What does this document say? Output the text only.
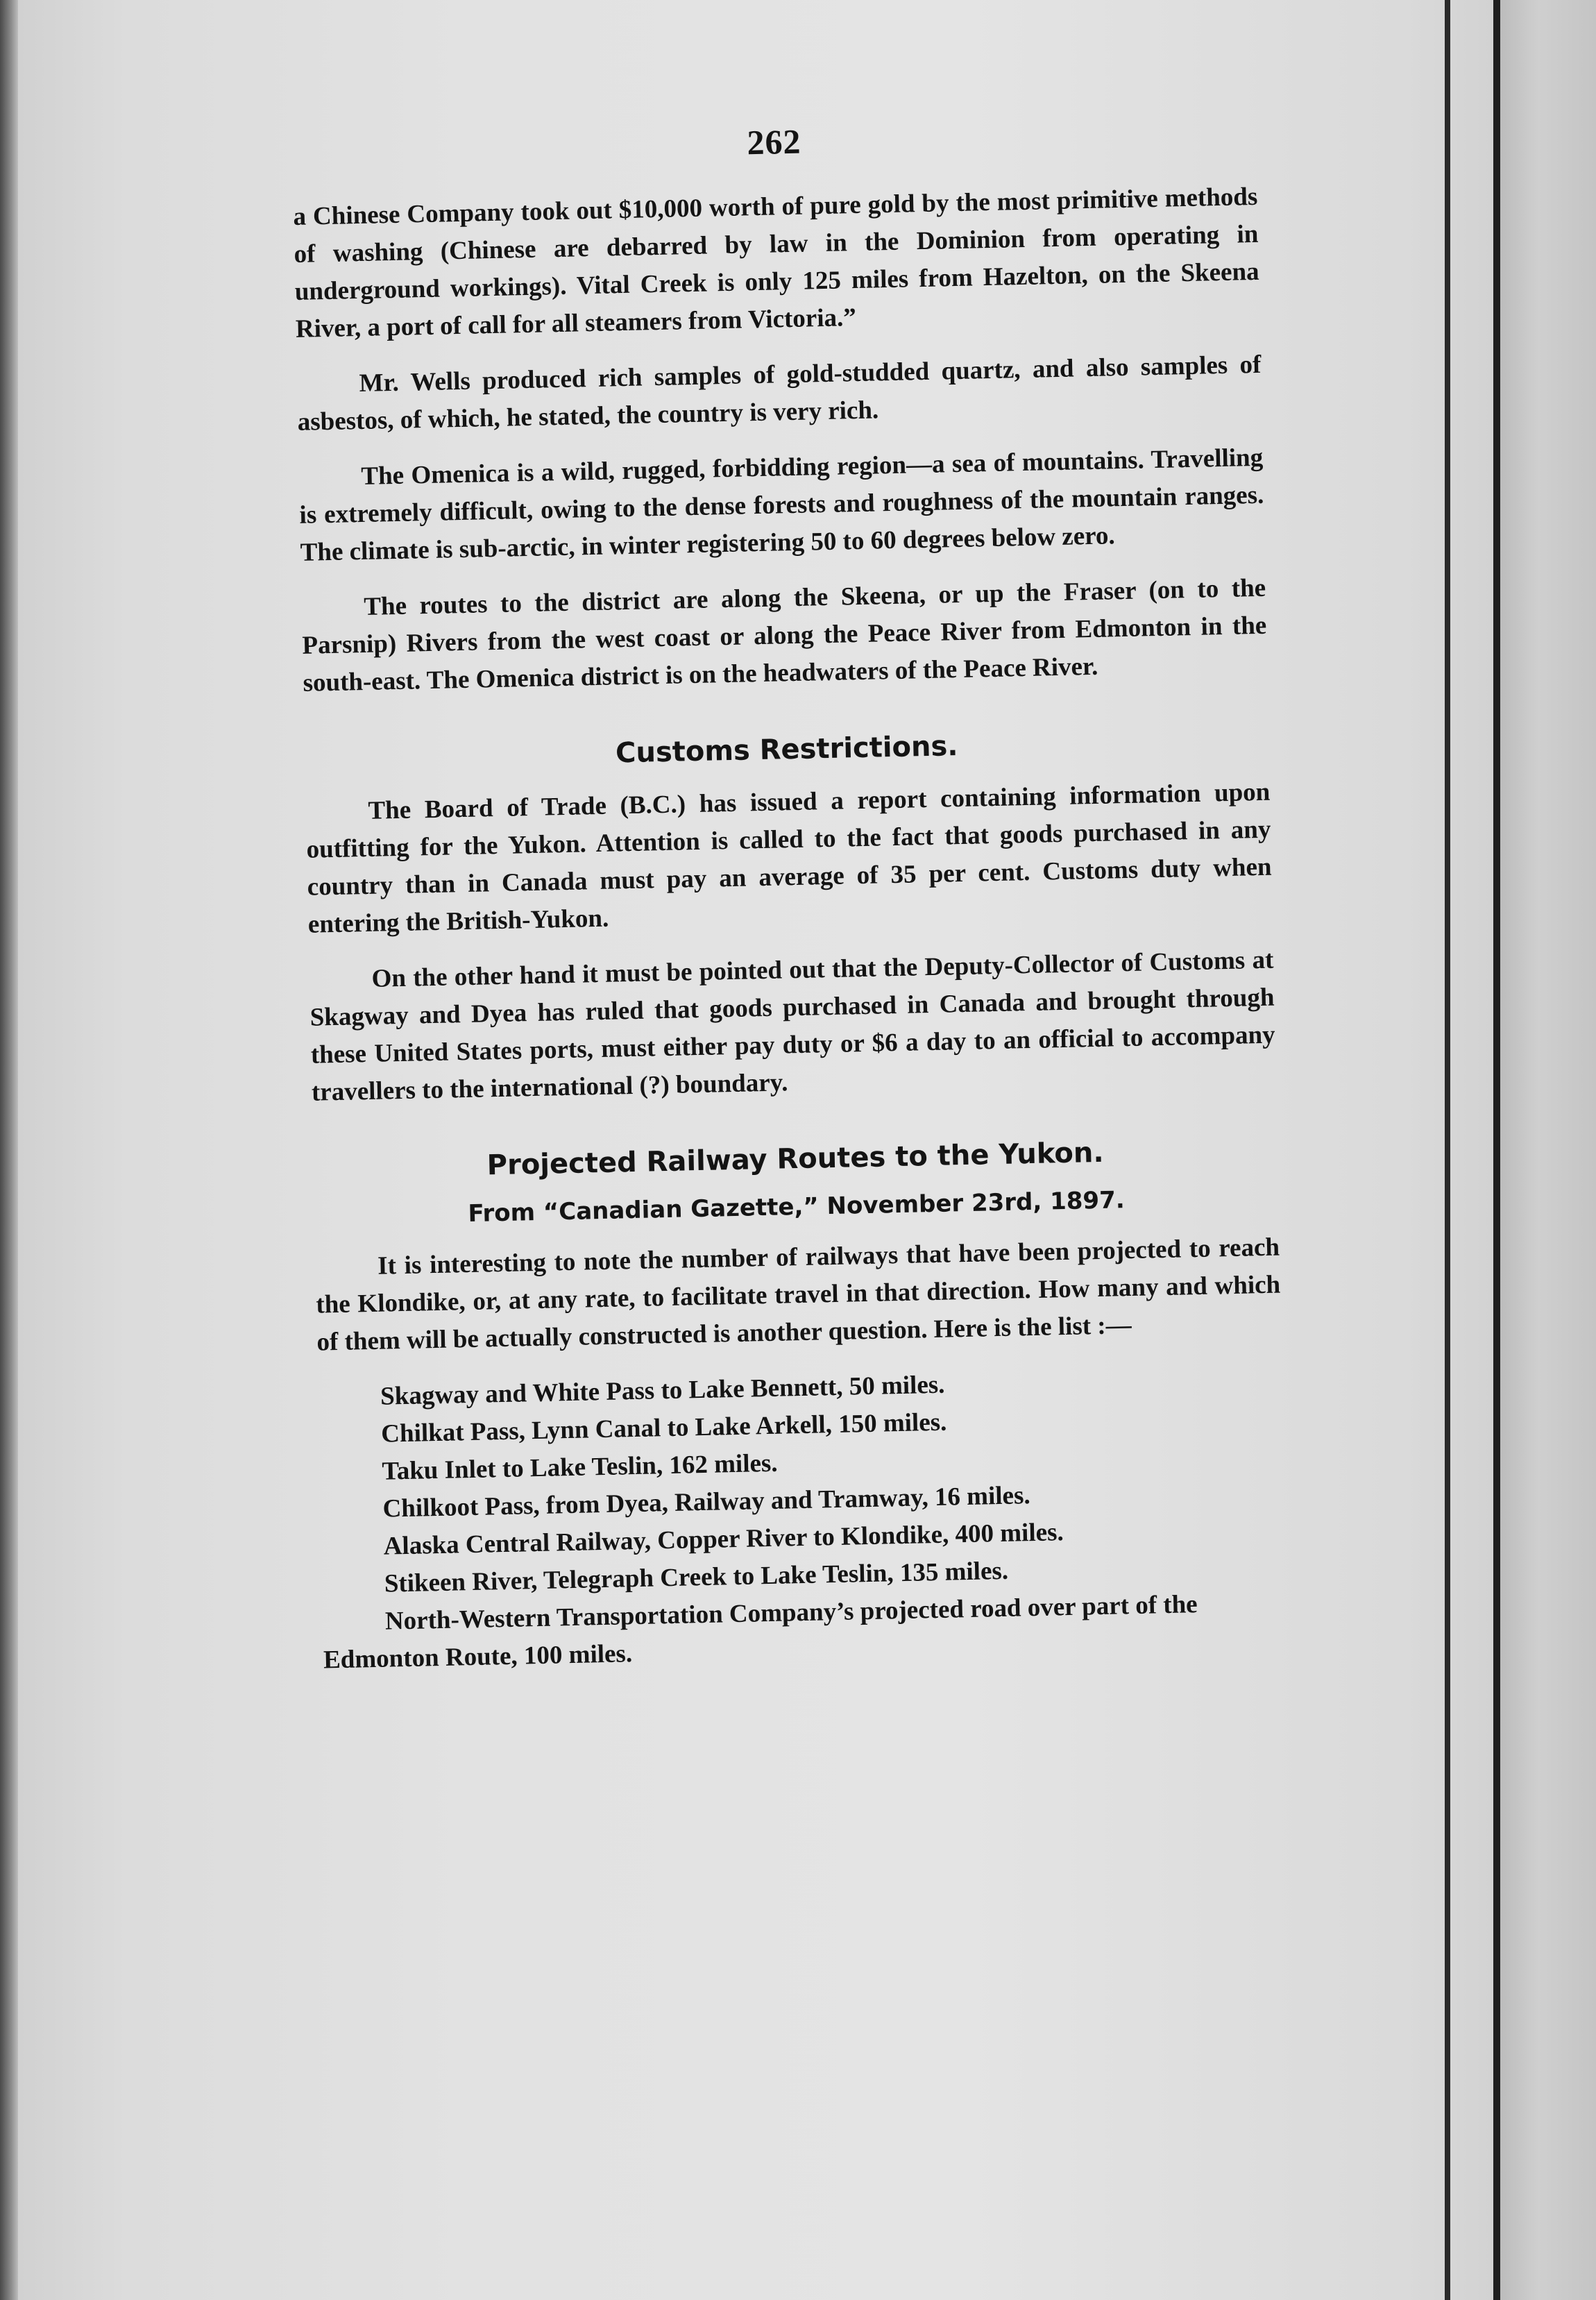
262

a Chinese Company took out $10,000 worth of pure gold by the most primitive methods of washing (Chinese are debarred by law in the Dominion from operating in underground workings). Vital Creek is only 125 miles from Hazelton, on the Skeena River, a port of call for all steamers from Victoria.”

Mr. Wells produced rich samples of gold-studded quartz, and also samples of asbestos, of which, he stated, the country is very rich.

The Omenica is a wild, rugged, forbidding region—a sea of mountains. Travelling is extremely difficult, owing to the dense forests and roughness of the mountain ranges. The climate is sub-arctic, in winter registering 50 to 60 degrees below zero.

The routes to the district are along the Skeena, or up the Fraser (on to the Parsnip) Rivers from the west coast or along the Peace River from Edmonton in the south-east. The Omenica district is on the headwaters of the Peace River.

Customs Restrictions.

The Board of Trade (B.C.) has issued a report containing information upon outfitting for the Yukon. Attention is called to the fact that goods purchased in any country than in Canada must pay an average of 35 per cent. Customs duty when entering the British-Yukon.

On the other hand it must be pointed out that the Deputy-Collector of Customs at Skagway and Dyea has ruled that goods purchased in Canada and brought through these United States ports, must either pay duty or $6 a day to an official to accompany travellers to the international (?) boundary.

Projected Railway Routes to the Yukon.
From “Canadian Gazette,” November 23rd, 1897.

It is interesting to note the number of railways that have been projected to reach the Klondike, or, at any rate, to facilitate travel in that direction. How many and which of them will be actually constructed is another question. Here is the list :—

Skagway and White Pass to Lake Bennett, 50 miles.
Chilkat Pass, Lynn Canal to Lake Arkell, 150 miles.
Taku Inlet to Lake Teslin, 162 miles.
Chilkoot Pass, from Dyea, Railway and Tramway, 16 miles.
Alaska Central Railway, Copper River to Klondike, 400 miles.
Stikeen River, Telegraph Creek to Lake Teslin, 135 miles.
North-Western Transportation Company’s projected road over part of the Edmonton Route, 100 miles.
